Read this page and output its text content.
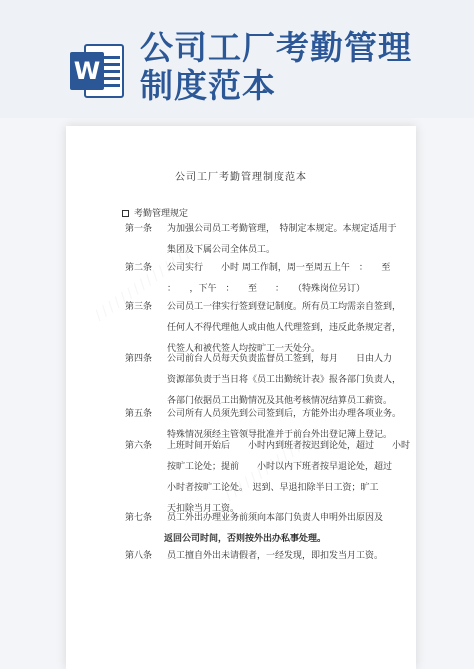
W
公司工厂考勤管理
制度范本
公司工厂考勤管理制度范本
考勤管理规定
第一条 为加强公司员工考勤管理，　特制定本规定。本规定适用于
集团及下属公司全体员工。
第二条 公司实行　　小时 周工作制，周一至周五上午　：　　至
：　　，下午　：　　至　　：　　（特殊岗位另订）
第三条 公司员工一律实行签到登记制度。所有员工均需亲自签到，
任何人不得代理他人或由他人代理签到，违反此条规定者，
代签人和被代签人均按旷工一天处分。
第四条 公司前台人员每天负责监督员工签到，每月　　日由人力
资源部负责于当日将《员工出勤统计表》报各部门负责人，
各部门依据员工出勤情况及其他考核情况结算员工薪资。
第五条 公司所有人员须先到公司签到后，方能外出办理各项业务。
特殊情况须经主管领导批准并于前台外出登记簿上登记。
第六条 上班时间开始后　　小时内到班者按迟到论处，超过　　小时
按旷工论处；提前　　小时以内下班者按早退论处，超过
小时者按旷工论处。　迟到、早退扣除半日工资；旷工
天扣除当月工资。
第七条 员工外出办理业务前须向本部门负责人申明外出原因及
返回公司时间，否则按外出办私事处理。
第八条 员工擅自外出未请假者，一经发现，即扣发当月工资。
